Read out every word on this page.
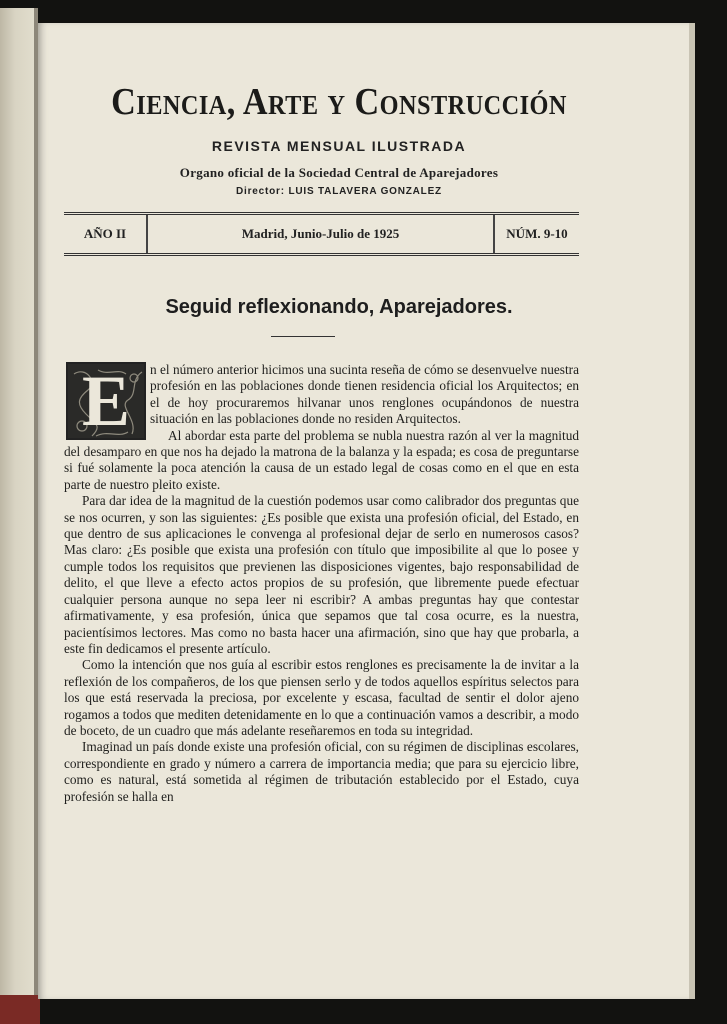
Ciencia, Arte y Construcción
REVISTA MENSUAL ILUSTRADA
Organo oficial de la Sociedad Central de Aparejadores
Director: LUIS TALAVERA GONZALEZ
AÑO II	Madrid, Junio-Julio de 1925	NÚM. 9-10
Seguid reflexionando, Aparejadores.

n el número anterior hicimos una sucinta reseña de cómo se desenvuelve nuestra profesión en las poblaciones donde tienen residencia oficial los Arquitectos; en el de hoy procuraremos hilvanar unos renglones ocupándonos de nuestra situación en las poblaciones donde no residen Arquitectos.

Al abordar esta parte del problema se nubla nuestra razón al ver la magnitud del desamparo en que nos ha dejado la matrona de la balanza y la espada; es cosa de preguntarse si fué solamente la poca atención la causa de un estado legal de cosas como en el que en esta parte de nuestro pleito existe.

Para dar idea de la magnitud de la cuestión podemos usar como calibrador dos preguntas que se nos ocurren, y son las siguientes: ¿Es posible que exista una profesión oficial, del Estado, en que dentro de sus aplicaciones le convenga al profesional dejar de serlo en numerosos casos? Mas claro: ¿Es posible que exista una profesión con título que imposibilite al que lo posee y cumple todos los requisitos que previenen las disposiciones vigentes, bajo responsabilidad de delito, el que lleve a efecto actos propios de su profesión, que libremente puede efectuar cualquier persona aunque no sepa leer ni escribir? A ambas preguntas hay que contestar afirmativamente, y esa profesión, única que sepamos que tal cosa ocurre, es la nuestra, pacientísimos lectores. Mas como no basta hacer una afirmación, sino que hay que probarla, a este fin dedicamos el presente artículo.

Como la intención que nos guía al escribir estos renglones es precisamente la de invitar a la reflexión de los compañeros, de los que piensen serlo y de todos aquellos espíritus selectos para los que está reservada la preciosa, por excelente y escasa, facultad de sentir el dolor ajeno rogamos a todos que mediten detenidamente en lo que a continuación vamos a describir, a modo de boceto, de un cuadro que más adelante reseñaremos en toda su integridad.

Imaginad un país donde existe una profesión oficial, con su régimen de disciplinas escolares, correspondiente en grado y número a carrera de importancia media; que para su ejercicio libre, como es natural, está sometida al régimen de tributación establecido por el Estado, cuya profesión se halla en

E
